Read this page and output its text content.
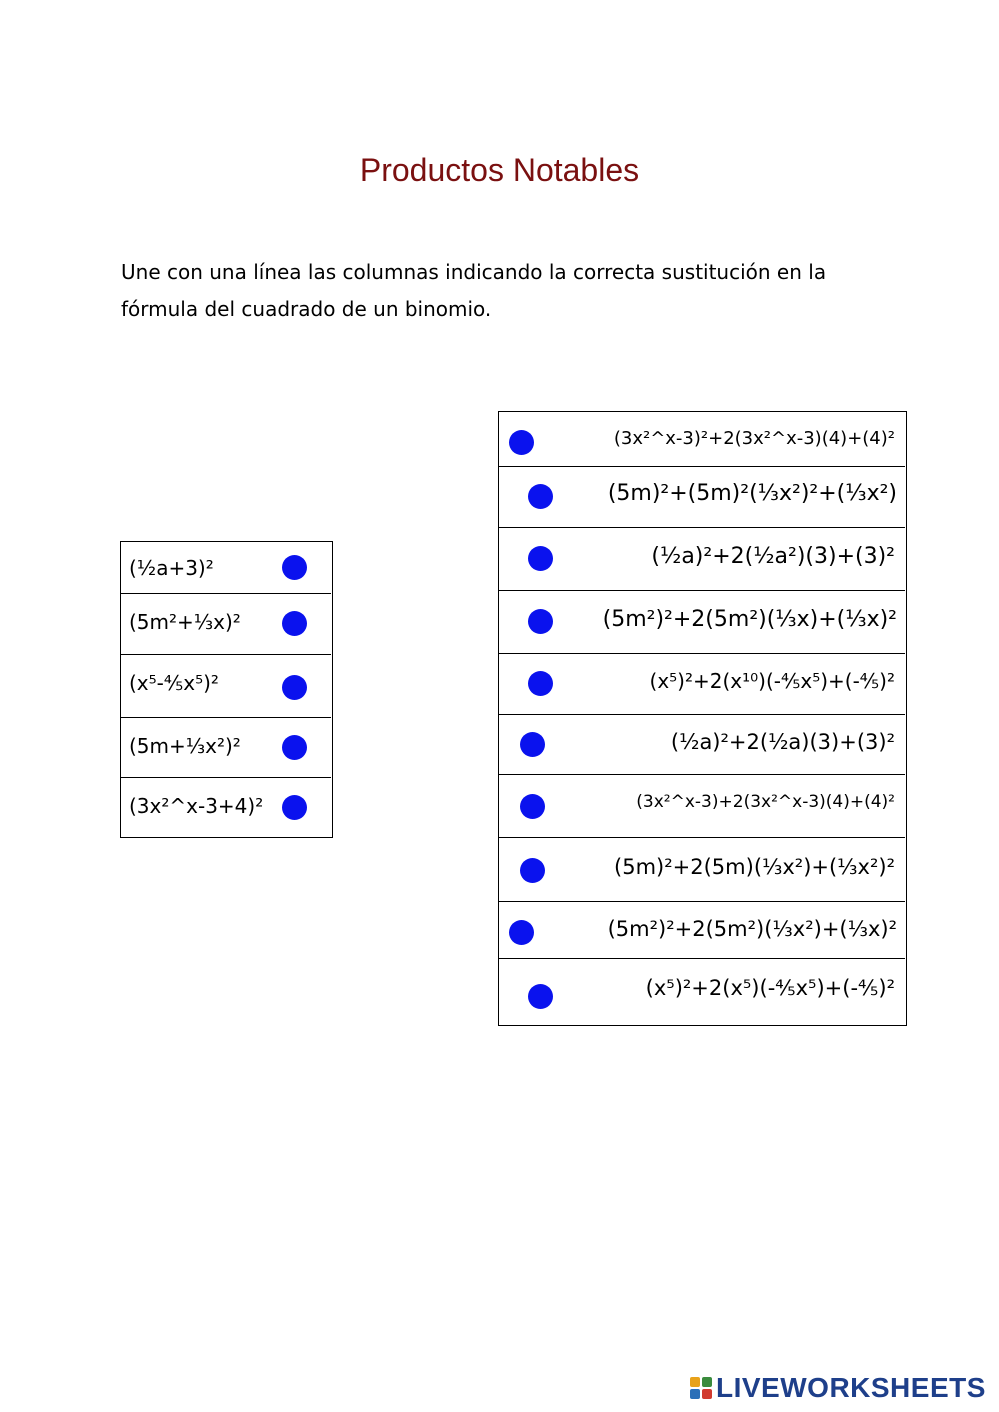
Productos Notables
Une con una línea las columnas indicando la correcta sustitución en la fórmula del cuadrado de un binomio.
(½a+3)²
(5m²+⅓x)²
(x⁵-⅘x⁵)²
(5m+⅓x²)²
(3x²^x-3+4)²
(3x²^x-3)²+2(3x²^x-3)(4)+(4)²
(5m)²+(5m)²(⅓x²)²+(⅓x²)
(½a)²+2(½a²)(3)+(3)²
(5m²)²+2(5m²)(⅓x)+(⅓x)²
(x⁵)²+2(x¹⁰)(-⅘x⁵)+(-⅘)²
(½a)²+2(½a)(3)+(3)²
(3x²^x-3)+2(3x²^x-3)(4)+(4)²
(5m)²+2(5m)(⅓x²)+(⅓x²)²
(5m²)²+2(5m²)(⅓x²)+(⅓x)²
(x⁵)²+2(x⁵)(-⅘x⁵)+(-⅘)²
LIVEWORKSHEETS
